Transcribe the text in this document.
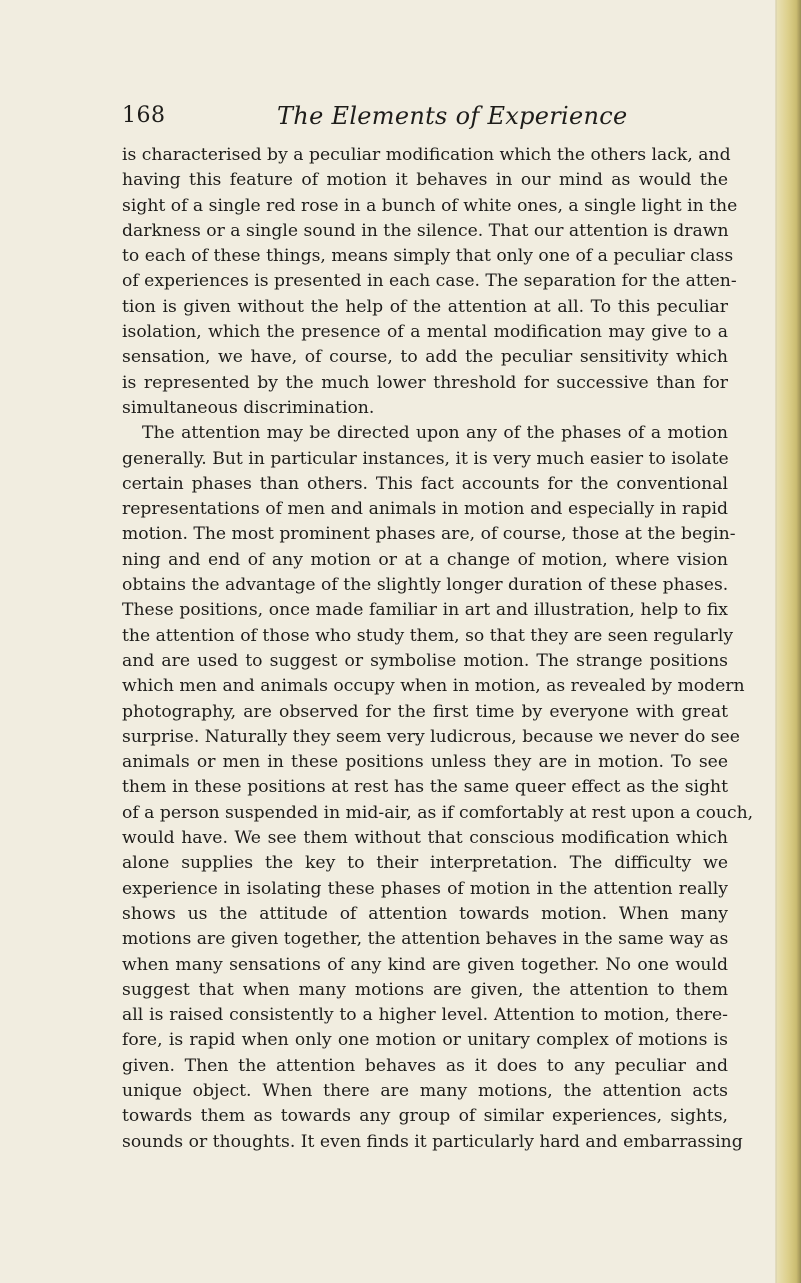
168	The Elements of Experience
is characterised by a peculiar modification which the others lack, and
having this feature of motion it behaves in our mind as would the
sight of a single red rose in a bunch of white ones, a single light in the
darkness or a single sound in the silence. That our attention is drawn
to each of these things, means simply that only one of a peculiar class
of experiences is presented in each case. The separation for the atten-
tion is given without the help of the attention at all. To this peculiar
isolation, which the presence of a mental modification may give to a
sensation, we have, of course, to add the peculiar sensitivity which
is represented by the much lower threshold for successive than for
simultaneous discrimination.
The attention may be directed upon any of the phases of a motion
generally. But in particular instances, it is very much easier to isolate
certain phases than others. This fact accounts for the conventional
representations of men and animals in motion and especially in rapid
motion. The most prominent phases are, of course, those at the begin-
ning and end of any motion or at a change of motion, where vision
obtains the advantage of the slightly longer duration of these phases.
These positions, once made familiar in art and illustration, help to fix
the attention of those who study them, so that they are seen regularly
and are used to suggest or symbolise motion. The strange positions
which men and animals occupy when in motion, as revealed by modern
photography, are observed for the first time by everyone with great
surprise. Naturally they seem very ludicrous, because we never do see
animals or men in these positions unless they are in motion. To see
them in these positions at rest has the same queer effect as the sight
of a person suspended in mid-air, as if comfortably at rest upon a couch,
would have. We see them without that conscious modification which
alone supplies the key to their interpretation. The difficulty we
experience in isolating these phases of motion in the attention really
shows us the attitude of attention towards motion. When many
motions are given together, the attention behaves in the same way as
when many sensations of any kind are given together. No one would
suggest that when many motions are given, the attention to them
all is raised consistently to a higher level. Attention to motion, there-
fore, is rapid when only one motion or unitary complex of motions is
given. Then the attention behaves as it does to any peculiar and
unique object. When there are many motions, the attention acts
towards them as towards any group of similar experiences, sights,
sounds or thoughts. It even finds it particularly hard and embarrassing
